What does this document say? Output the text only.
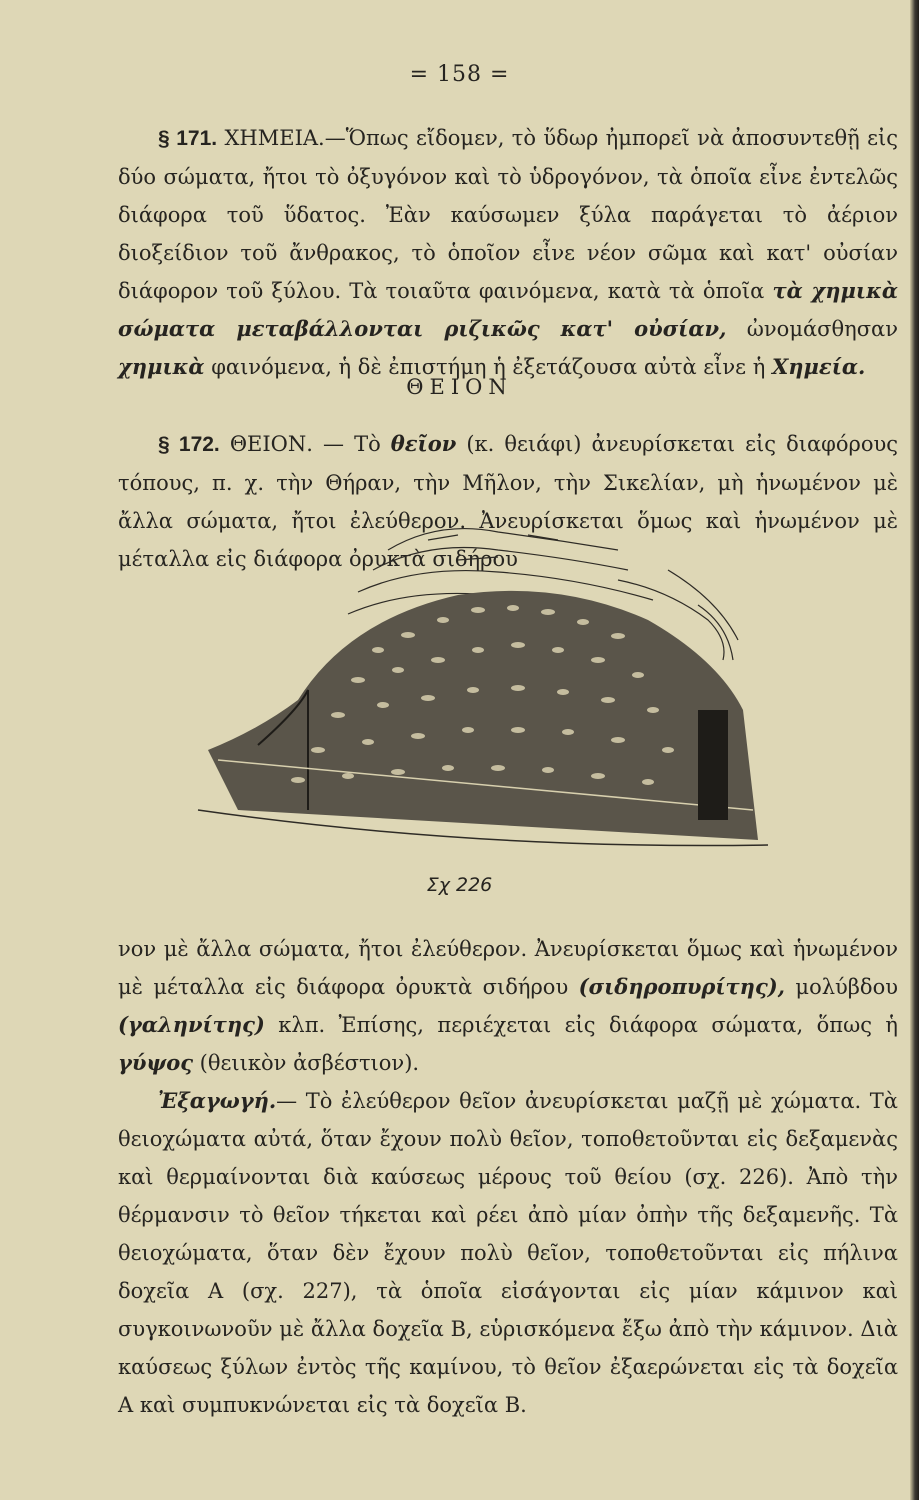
= 158 =

§ 171. ΧΗΜΕΙΑ.—Ὅπως εἴδομεν, τὸ ὕδωρ ἠμπορεῖ νὰ ἀποσυντεθῇ εἰς δύο σώματα, ἤτοι τὸ ὀξυγόνον καὶ τὸ ὑδρογόνον, τὰ ὁποῖα εἶνε ἐντελῶς διάφορα τοῦ ὕδατος. Ἐὰν καύσωμεν ξύλα παράγεται τὸ ἀέριον διοξείδιον τοῦ ἄνθρακος, τὸ ὁποῖον εἶνε νέον σῶμα καὶ κατ' οὐσίαν διάφορον τοῦ ξύλου. Τὰ τοιαῦτα φαινόμενα, κατὰ τὰ ὁποῖα τὰ χημικὰ σώματα μεταβάλλονται ριζικῶς κατ' οὐσίαν, ὠνομάσθησαν χημικὰ φαινόμενα, ἡ δὲ ἐπιστήμη ἡ ἐξετάζουσα αὐτὰ εἶνε ἡ Χημεία.

ΘΕΙΟΝ

§ 172. ΘΕΙΟΝ. — Τὸ θεῖον (κ. θειάφι) ἀνευρίσκεται εἰς διαφόρους τόπους, π. χ. τὴν Θήραν, τὴν Μῆλον, τὴν Σικελίαν, μὴ ἡνωμένον μὲ ἄλλα σώματα, ἤτοι ἐλεύθερον. Ἀνευρίσκεται ὅμως καὶ ἡνωμένον μὲ μέταλλα εἰς διάφορα ὀρυκτὰ σιδήρου

Σχ 226

νον μὲ ἄλλα σώματα, ἤτοι ἐλεύθερον. Ἀνευρίσκεται ὅμως καὶ ἡνωμένον μὲ μέταλλα εἰς διάφορα ὀρυκτὰ σιδήρου (σιδηροπυρίτης), μολύβδου (γαληνίτης) κλπ. Ἐπίσης, περιέχεται εἰς διάφορα σώματα, ὅπως ἡ γύψος (θειικὸν ἀσβέστιον).

Ἐξαγωγή.— Τὸ ἐλεύθερον θεῖον ἀνευρίσκεται μαζῇ μὲ χώματα. Τὰ θειοχώματα αὐτά, ὅταν ἔχουν πολὺ θεῖον, τοποθετοῦνται εἰς δεξαμενὰς καὶ θερμαίνονται διὰ καύσεως μέρους τοῦ θείου (σχ. 226). Ἀπὸ τὴν θέρμανσιν τὸ θεῖον τήκεται καὶ ρέει ἀπὸ μίαν ὀπὴν τῆς δεξαμενῆς. Τὰ θειοχώματα, ὅταν δὲν ἔχουν πολὺ θεῖον, τοποθετοῦνται εἰς πήλινα δοχεῖα Α (σχ. 227), τὰ ὁποῖα εἰσάγονται εἰς μίαν κάμινον καὶ συγκοινωνοῦν μὲ ἄλλα δοχεῖα Β, εὑρισκόμενα ἔξω ἀπὸ τὴν κάμινον. Διὰ καύσεως ξύλων ἐντὸς τῆς καμίνου, τὸ θεῖον ἐξαερώνεται εἰς τὰ δοχεῖα Α καὶ συμπυκνώνεται εἰς τὰ δοχεῖα Β.
